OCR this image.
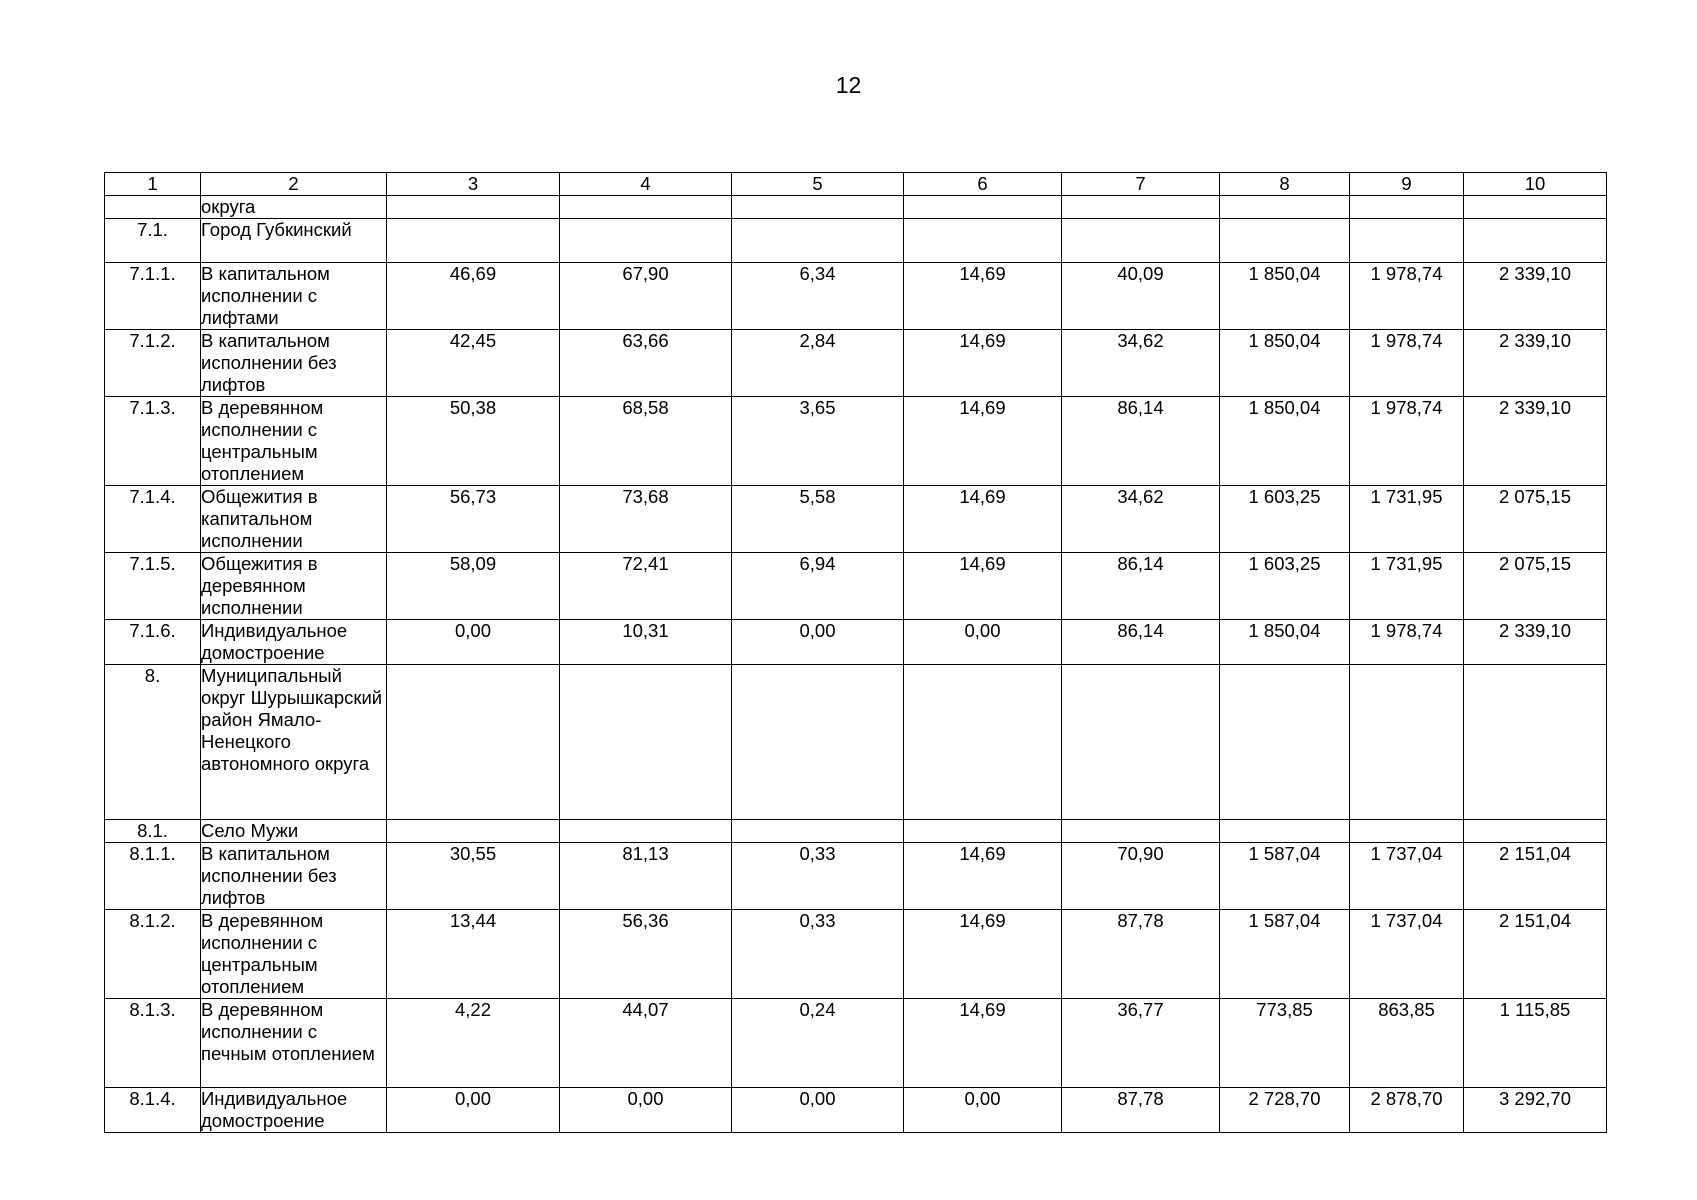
12
1	2	3	4	5	6	7	8	9	10
	округа								
7.1.	Город Губкинский								
7.1.1.	В капитальном исполнении с лифтами	46,69	67,90	6,34	14,69	40,09	1 850,04	1 978,74	2 339,10
7.1.2.	В капитальном исполнении без лифтов	42,45	63,66	2,84	14,69	34,62	1 850,04	1 978,74	2 339,10
7.1.3.	В деревянном исполнении с центральным отоплением	50,38	68,58	3,65	14,69	86,14	1 850,04	1 978,74	2 339,10
7.1.4.	Общежития в капитальном исполнении	56,73	73,68	5,58	14,69	34,62	1 603,25	1 731,95	2 075,15
7.1.5.	Общежития в деревянном исполнении	58,09	72,41	6,94	14,69	86,14	1 603,25	1 731,95	2 075,15
7.1.6.	Индивидуальное домостроение	0,00	10,31	0,00	0,00	86,14	1 850,04	1 978,74	2 339,10
8.	Муниципальный округ Шурышкарский район Ямало-Ненецкого автономного округа								
8.1.	Село Мужи								
8.1.1.	В капитальном исполнении без лифтов	30,55	81,13	0,33	14,69	70,90	1 587,04	1 737,04	2 151,04
8.1.2.	В деревянном исполнении с центральным отоплением	13,44	56,36	0,33	14,69	87,78	1 587,04	1 737,04	2 151,04
8.1.3.	В деревянном исполнении с печным отоплением	4,22	44,07	0,24	14,69	36,77	773,85	863,85	1 115,85
8.1.4.	Индивидуальное домостроение	0,00	0,00	0,00	0,00	87,78	2 728,70	2 878,70	3 292,70
